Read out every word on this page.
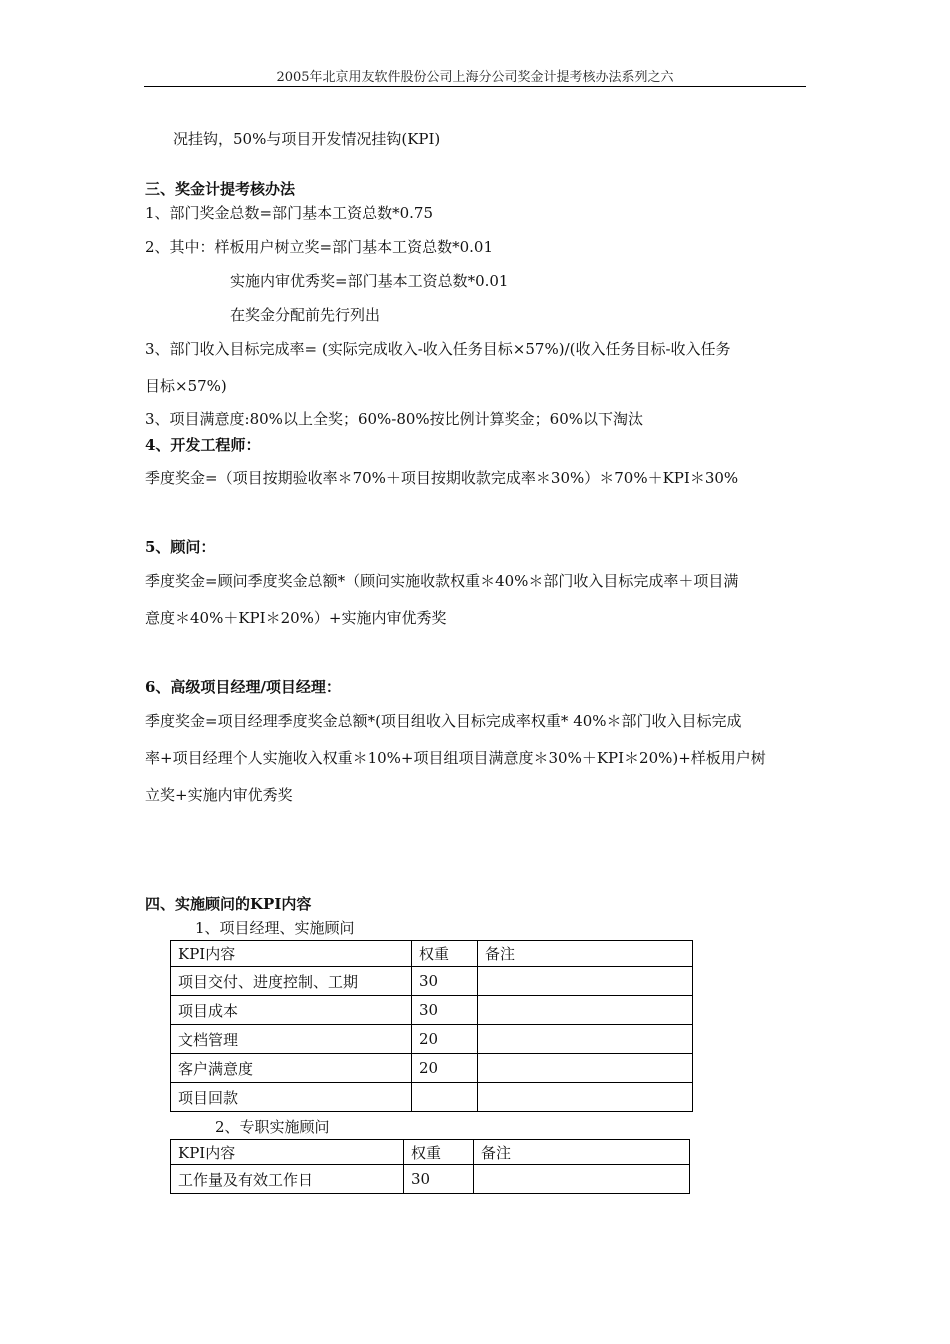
2005年北京用友软件股份公司上海分公司奖金计提考核办法系列之六
况挂钩，50%与项目开发情况挂钩(KPI)
三、奖金计提考核办法
1、部门奖金总数=部门基本工资总数*0.75
2、其中：样板用户树立奖=部门基本工资总数*0.01
实施内审优秀奖=部门基本工资总数*0.01
在奖金分配前先行列出
3、部门收入目标完成率= (实际完成收入-收入任务目标×57%)/(收入任务目标-收入任务
目标×57%)
3、项目满意度:80%以上全奖；60%-80%按比例计算奖金；60%以下淘汰
4、开发工程师：
季度奖金=（项目按期验收率＊70%＋项目按期收款完成率＊30%）＊70%＋KPI＊30%
5、顾问：
季度奖金=顾问季度奖金总额*（顾问实施收款权重＊40%＊部门收入目标完成率＋项目满
意度＊40%＋KPI＊20%）+实施内审优秀奖
6、高级项目经理/项目经理：
季度奖金=项目经理季度奖金总额*(项目组收入目标完成率权重* 40%＊部门收入目标完成
率+项目经理个人实施收入权重＊10%+项目组项目满意度＊30%＋KPI＊20%)+样板用户树
立奖+实施内审优秀奖
四、实施顾问的KPI内容
1、项目经理、实施顾问
KPI内容	权重	备注
项目交付、进度控制、工期	30	
项目成本	30	
文档管理	20	
客户满意度	20	
项目回款		
2、专职实施顾问
KPI内容	权重	备注
工作量及有效工作日	30	
